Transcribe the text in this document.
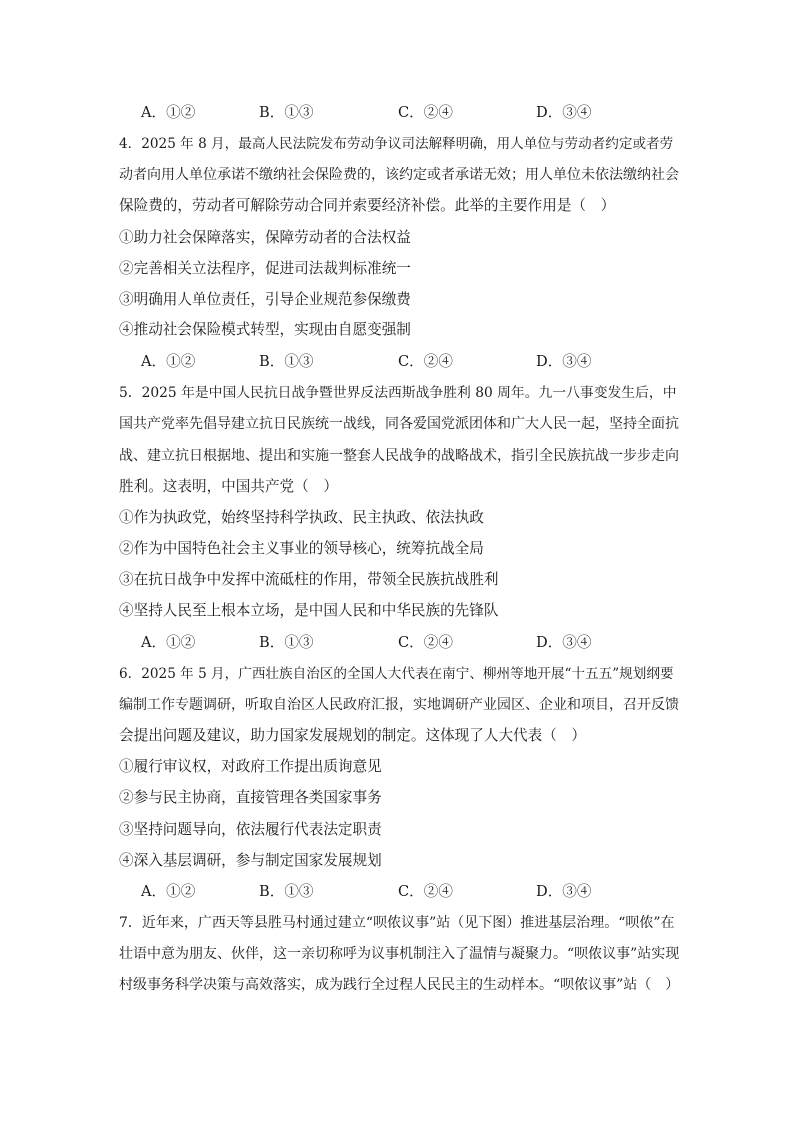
A．①②	B．①③	C．②④	D．③④
4．2025 年 8 月，最高人民法院发布劳动争议司法解释明确，用人单位与劳动者约定或者劳
动者向用人单位承诺不缴纳社会保险费的，该约定或者承诺无效；用人单位未依法缴纳社会
保险费的，劳动者可解除劳动合同并索要经济补偿。此举的主要作用是（　）
①助力社会保障落实，保障劳动者的合法权益
②完善相关立法程序，促进司法裁判标准统一
③明确用人单位责任，引导企业规范参保缴费
④推动社会保险模式转型，实现由自愿变强制
A．①②	B．①③	C．②④	D．③④
5．2025 年是中国人民抗日战争暨世界反法西斯战争胜利 80 周年。九一八事变发生后，中
国共产党率先倡导建立抗日民族统一战线，同各爱国党派团体和广大人民一起，坚持全面抗
战、建立抗日根据地、提出和实施一整套人民战争的战略战术，指引全民族抗战一步步走向
胜利。这表明，中国共产党（　）
①作为执政党，始终坚持科学执政、民主执政、依法执政
②作为中国特色社会主义事业的领导核心，统筹抗战全局
③在抗日战争中发挥中流砥柱的作用，带领全民族抗战胜利
④坚持人民至上根本立场，是中国人民和中华民族的先锋队
A．①②	B．①③	C．②④	D．③④
6．2025 年 5 月，广西壮族自治区的全国人大代表在南宁、柳州等地开展“十五五”规划纲要
编制工作专题调研，听取自治区人民政府汇报，实地调研产业园区、企业和项目，召开反馈
会提出问题及建议，助力国家发展规划的制定。这体现了人大代表（　）
①履行审议权，对政府工作提出质询意见
②参与民主协商，直接管理各类国家事务
③坚持问题导向，依法履行代表法定职责
④深入基层调研，参与制定国家发展规划
A．①②	B．①③	C．②④	D．③④
7．近年来，广西天等县胜马村通过建立“呗侬议事”站（见下图）推进基层治理。“呗侬”在
壮语中意为朋友、伙伴，这一亲切称呼为议事机制注入了温情与凝聚力。“呗侬议事”站实现
村级事务科学决策与高效落实，成为践行全过程人民民主的生动样本。“呗侬议事”站（　）
